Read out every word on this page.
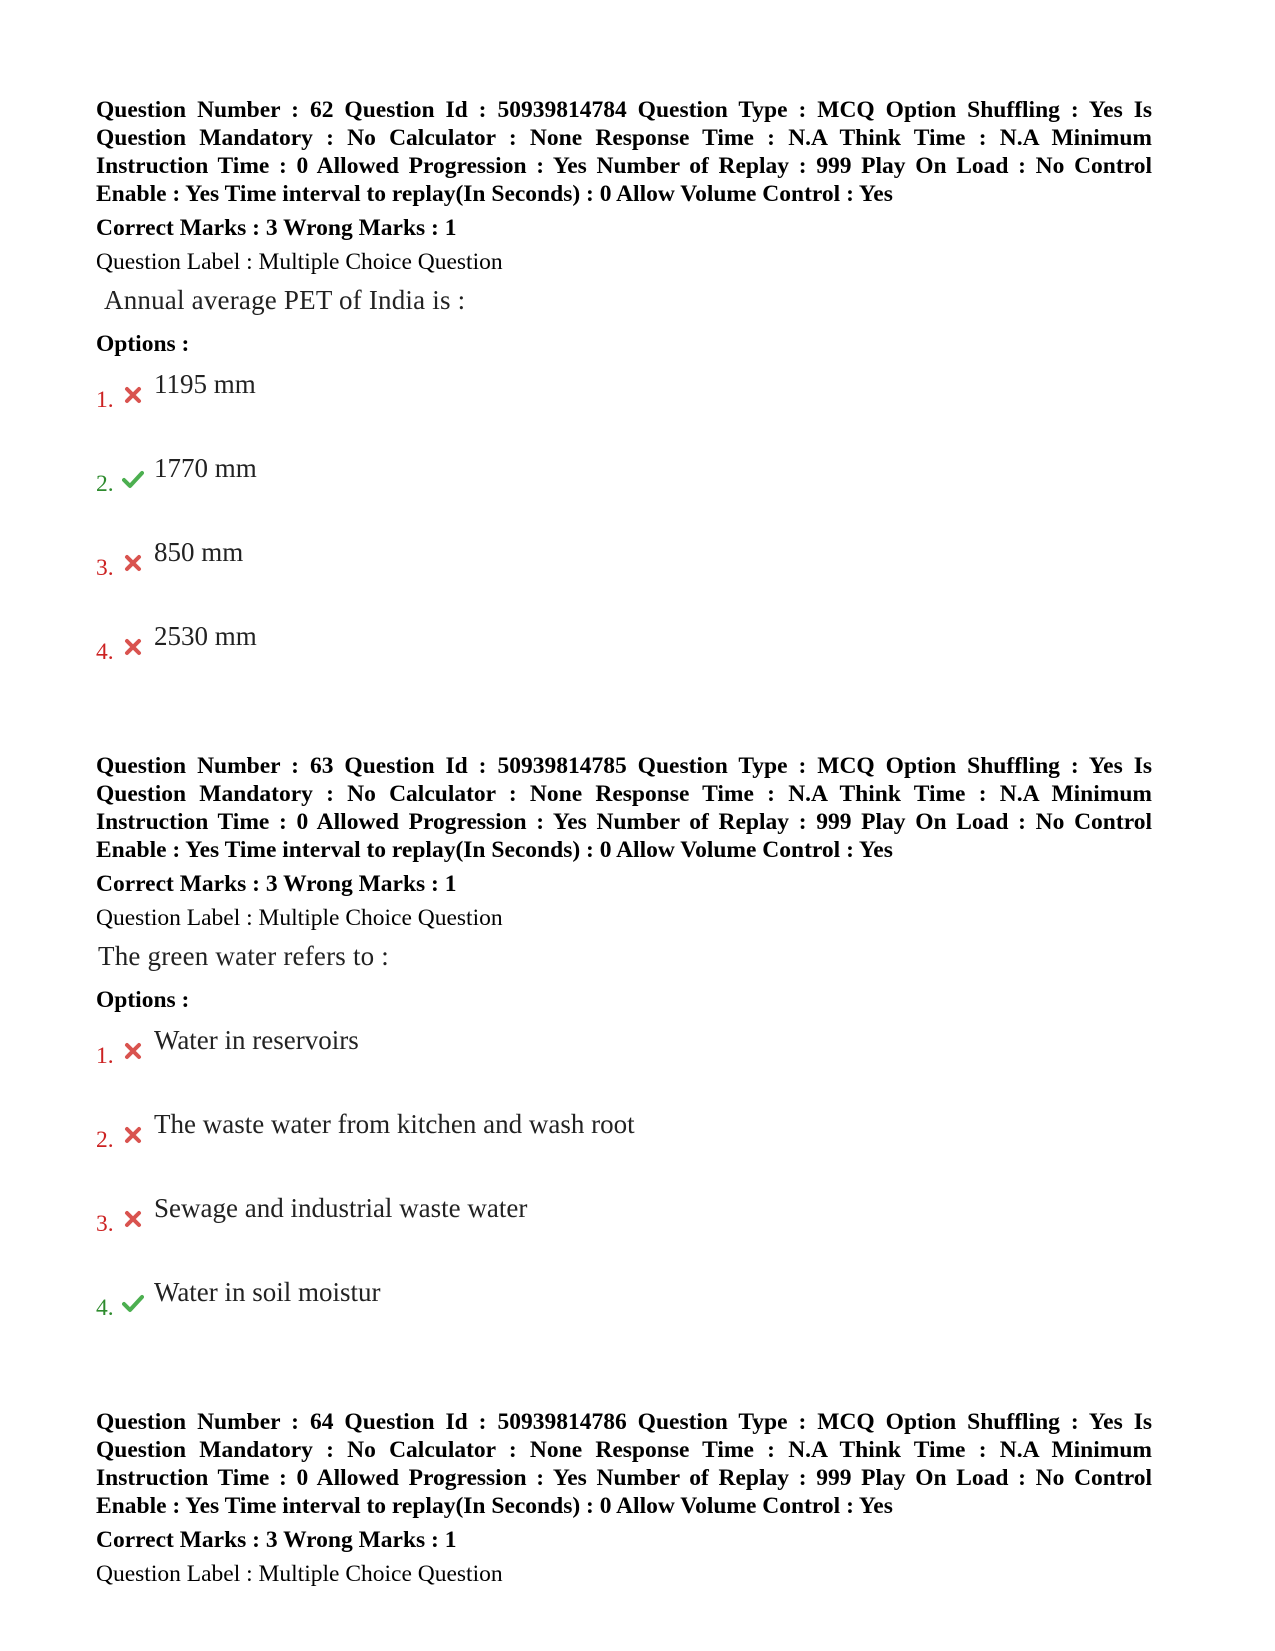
Question Number : 62 Question Id : 50939814784 Question Type : MCQ Option Shuffling : Yes Is Question Mandatory : No Calculator : None Response Time : N.A Think Time : N.A Minimum Instruction Time : 0 Allowed Progression : Yes Number of Replay : 999 Play On Load : No Control Enable : Yes Time interval to replay(In Seconds) : 0 Allow Volume Control : Yes

Correct Marks : 3 Wrong Marks : 1
Question Label : Multiple Choice Question
Annual average PET of India is :
Options :
1.
1195 mm
2.
1770 mm
3.
850 mm
4.
2530 mm

Question Number : 63 Question Id : 50939814785 Question Type : MCQ Option Shuffling : Yes Is Question Mandatory : No Calculator : None Response Time : N.A Think Time : N.A Minimum Instruction Time : 0 Allowed Progression : Yes Number of Replay : 999 Play On Load : No Control Enable : Yes Time interval to replay(In Seconds) : 0 Allow Volume Control : Yes

Correct Marks : 3 Wrong Marks : 1
Question Label : Multiple Choice Question
The green water refers to :
Options :
1.
Water in reservoirs
2.
The waste water from kitchen and wash root
3.
Sewage and industrial waste water
4.
Water in soil moistur

Question Number : 64 Question Id : 50939814786 Question Type : MCQ Option Shuffling : Yes Is Question Mandatory : No Calculator : None Response Time : N.A Think Time : N.A Minimum Instruction Time : 0 Allowed Progression : Yes Number of Replay : 999 Play On Load : No Control Enable : Yes Time interval to replay(In Seconds) : 0 Allow Volume Control : Yes

Correct Marks : 3 Wrong Marks : 1
Question Label : Multiple Choice Question
